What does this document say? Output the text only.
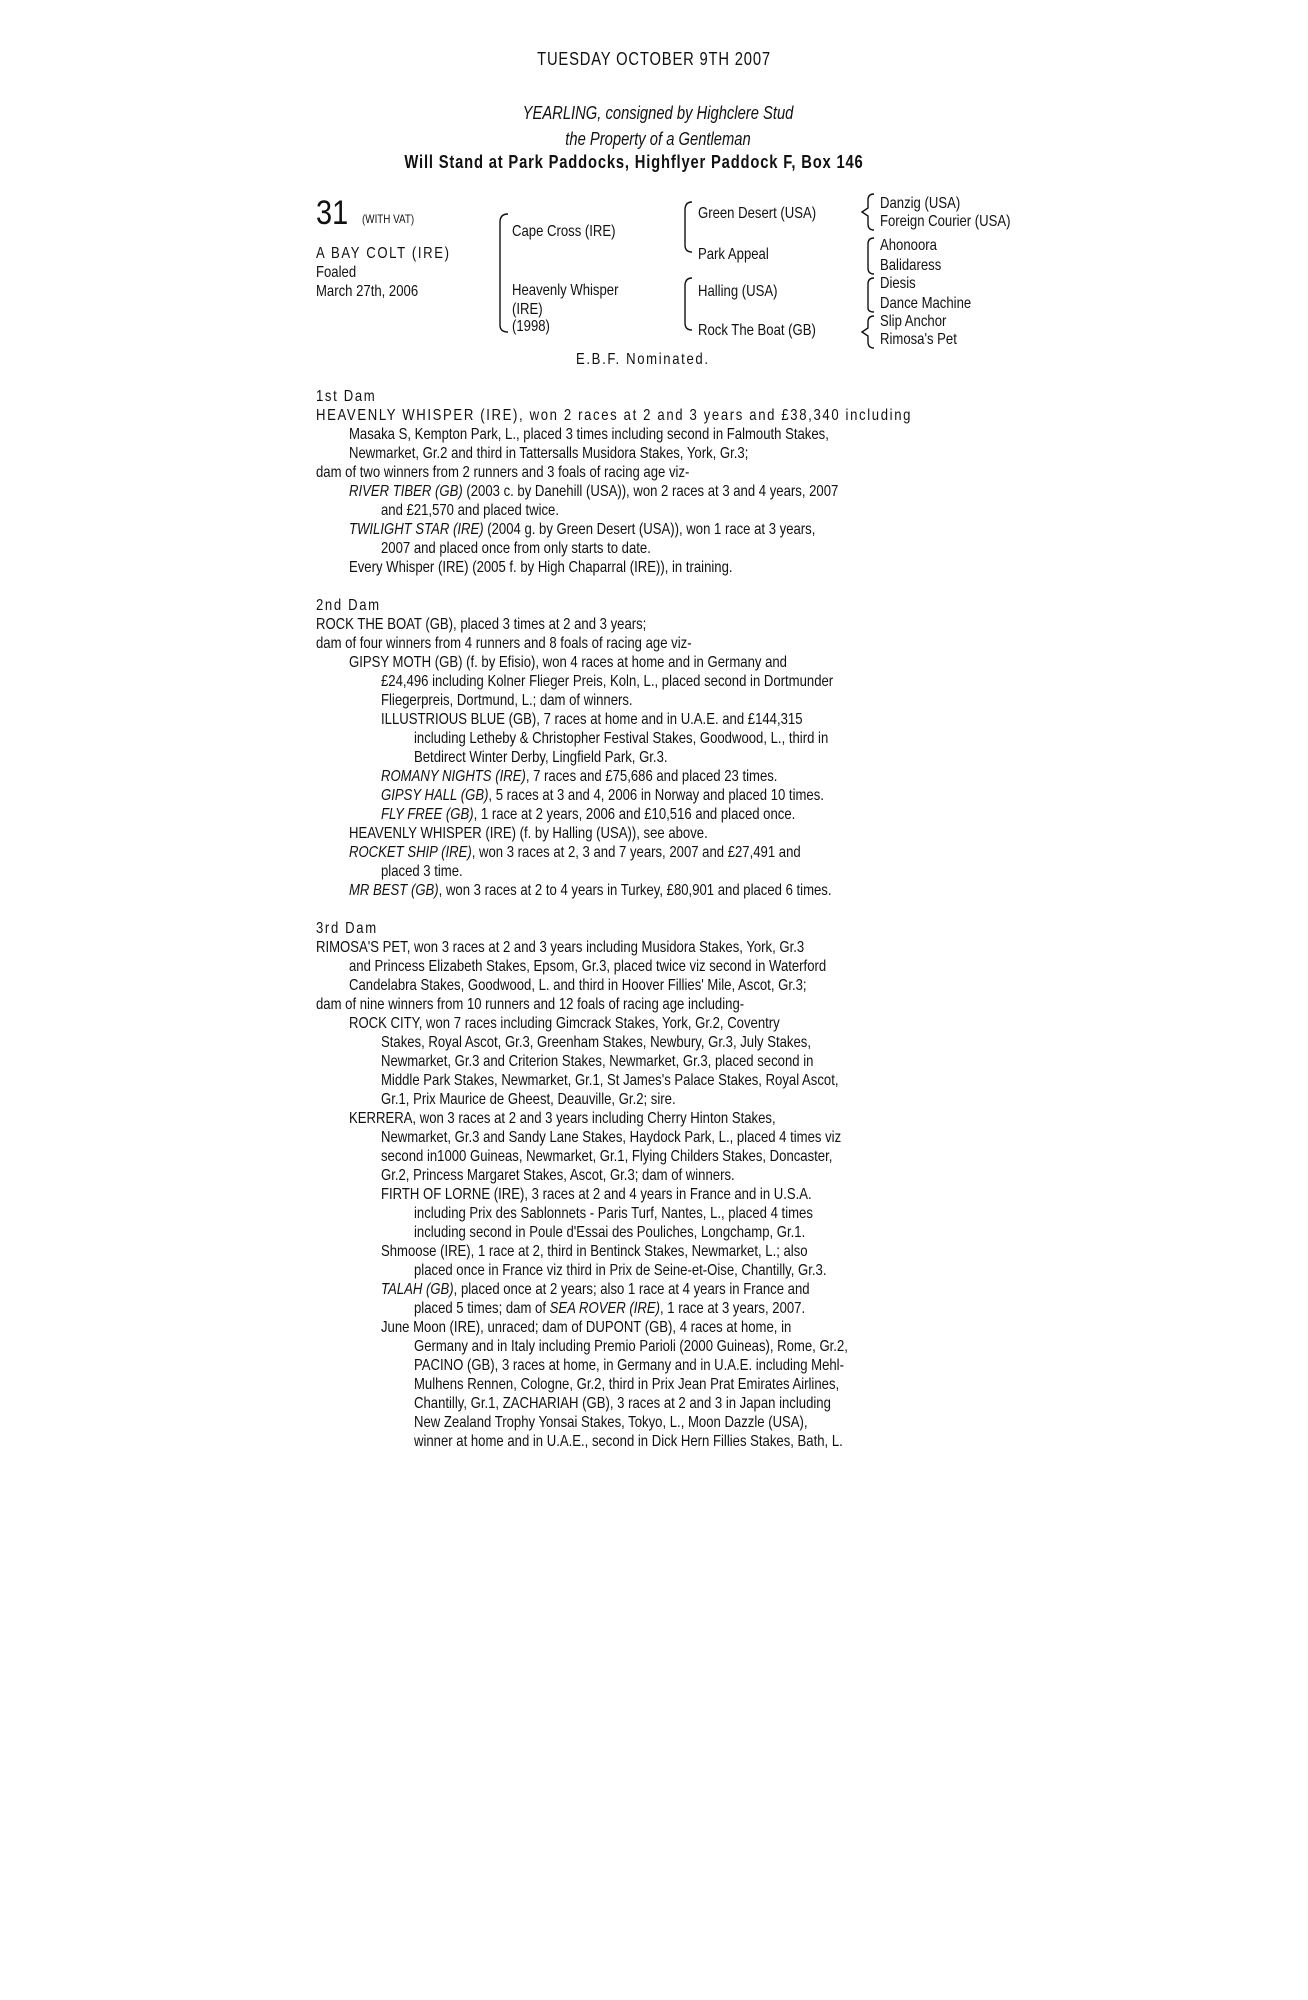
TUESDAY OCTOBER 9TH 2007
YEARLING, consigned by Highclere Stud
the Property of a Gentleman
Will Stand at Park Paddocks, Highflyer Paddock F, Box 146
31 (WITH VAT)
A BAY COLT (IRE)
Foaled
March 27th, 2006
Cape Cross (IRE)
Heavenly Whisper
(IRE)
(1998)
Green Desert (USA)
Park Appeal
Halling (USA)
Rock The Boat (GB)
Danzig (USA)
Foreign Courier (USA)
Ahonoora
Balidaress
Diesis
Dance Machine
Slip Anchor
Rimosa's Pet
E.B.F. Nominated.
1st Dam
HEAVENLY WHISPER (IRE), won 2 races at 2 and 3 years and £38,340 including
Masaka S, Kempton Park, L., placed 3 times including second in Falmouth Stakes,
Newmarket, Gr.2 and third in Tattersalls Musidora Stakes, York, Gr.3;
dam of two winners from 2 runners and 3 foals of racing age viz-
RIVER TIBER (GB) (2003 c. by Danehill (USA)), won 2 races at 3 and 4 years, 2007
and £21,570 and placed twice.
TWILIGHT STAR (IRE) (2004 g. by Green Desert (USA)), won 1 race at 3 years,
2007 and placed once from only starts to date.
Every Whisper (IRE) (2005 f. by High Chaparral (IRE)), in training.
2nd Dam
ROCK THE BOAT (GB), placed 3 times at 2 and 3 years;
dam of four winners from 4 runners and 8 foals of racing age viz-
GIPSY MOTH (GB) (f. by Efisio), won 4 races at home and in Germany and
£24,496 including Kolner Flieger Preis, Koln, L., placed second in Dortmunder
Fliegerpreis, Dortmund, L.; dam of winners.
ILLUSTRIOUS BLUE (GB), 7 races at home and in U.A.E. and £144,315
including Letheby & Christopher Festival Stakes, Goodwood, L., third in
Betdirect Winter Derby, Lingfield Park, Gr.3.
ROMANY NIGHTS (IRE), 7 races and £75,686 and placed 23 times.
GIPSY HALL (GB), 5 races at 3 and 4, 2006 in Norway and placed 10 times.
FLY FREE (GB), 1 race at 2 years, 2006 and £10,516 and placed once.
HEAVENLY WHISPER (IRE) (f. by Halling (USA)), see above.
ROCKET SHIP (IRE), won 3 races at 2, 3 and 7 years, 2007 and £27,491 and
placed 3 time.
MR BEST (GB), won 3 races at 2 to 4 years in Turkey, £80,901 and placed 6 times.
3rd Dam
RIMOSA'S PET, won 3 races at 2 and 3 years including Musidora Stakes, York, Gr.3
and Princess Elizabeth Stakes, Epsom, Gr.3, placed twice viz second in Waterford
Candelabra Stakes, Goodwood, L. and third in Hoover Fillies' Mile, Ascot, Gr.3;
dam of nine winners from 10 runners and 12 foals of racing age including-
ROCK CITY, won 7 races including Gimcrack Stakes, York, Gr.2, Coventry
Stakes, Royal Ascot, Gr.3, Greenham Stakes, Newbury, Gr.3, July Stakes,
Newmarket, Gr.3 and Criterion Stakes, Newmarket, Gr.3, placed second in
Middle Park Stakes, Newmarket, Gr.1, St James's Palace Stakes, Royal Ascot,
Gr.1, Prix Maurice de Gheest, Deauville, Gr.2; sire.
KERRERA, won 3 races at 2 and 3 years including Cherry Hinton Stakes,
Newmarket, Gr.3 and Sandy Lane Stakes, Haydock Park, L., placed 4 times viz
second in1000 Guineas, Newmarket, Gr.1, Flying Childers Stakes, Doncaster,
Gr.2, Princess Margaret Stakes, Ascot, Gr.3; dam of winners.
FIRTH OF LORNE (IRE), 3 races at 2 and 4 years in France and in U.S.A.
including Prix des Sablonnets - Paris Turf, Nantes, L., placed 4 times
including second in Poule d'Essai des Pouliches, Longchamp, Gr.1.
Shmoose (IRE), 1 race at 2, third in Bentinck Stakes, Newmarket, L.; also
placed once in France viz third in Prix de Seine-et-Oise, Chantilly, Gr.3.
TALAH (GB), placed once at 2 years; also 1 race at 4 years in France and
placed 5 times; dam of SEA ROVER (IRE), 1 race at 3 years, 2007.
June Moon (IRE), unraced; dam of DUPONT (GB), 4 races at home, in
Germany and in Italy including Premio Parioli (2000 Guineas), Rome, Gr.2,
PACINO (GB), 3 races at home, in Germany and in U.A.E. including Mehl-
Mulhens Rennen, Cologne, Gr.2, third in Prix Jean Prat Emirates Airlines,
Chantilly, Gr.1, ZACHARIAH (GB), 3 races at 2 and 3 in Japan including
New Zealand Trophy Yonsai Stakes, Tokyo, L., Moon Dazzle (USA),
winner at home and in U.A.E., second in Dick Hern Fillies Stakes, Bath, L.
